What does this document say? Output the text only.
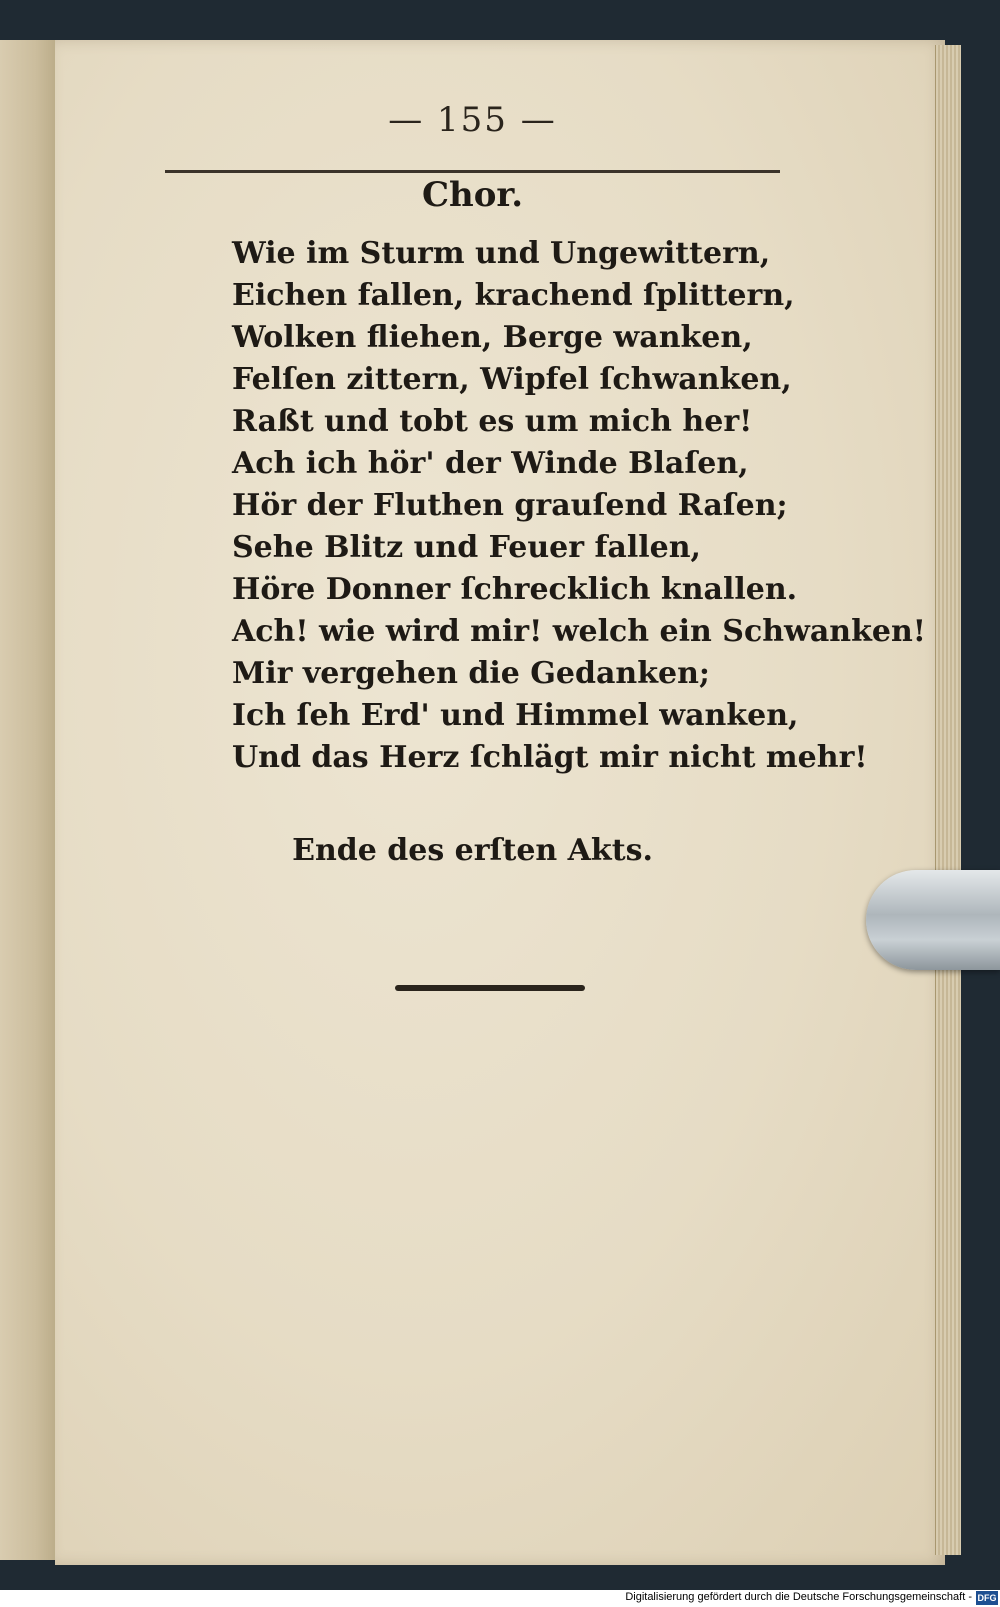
— 155 —
Chor.
Wie im Sturm und Ungewittern,
Eichen fallen, krachend ſplittern,
Wolken fliehen, Berge wanken,
Felſen zittern, Wipfel ſchwanken,
Raßt und tobt es um mich her!
Ach ich hör' der Winde Blaſen,
Hör der Fluthen grauſend Raſen;
Sehe Blitz und Feuer fallen,
Höre Donner ſchrecklich knallen.
Ach! wie wird mir! welch ein Schwanken!
Mir vergehen die Gedanken;
Ich ſeh Erd' und Himmel wanken,
Und das Herz ſchlägt mir nicht mehr!
Ende des erſten Akts.
Digitalisierung gefördert durch die Deutsche Forschungsgemeinschaft - DFG
